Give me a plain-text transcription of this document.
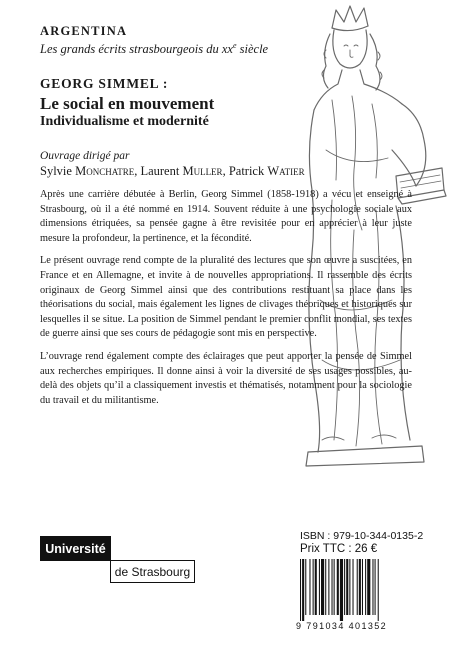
ARGENTINA
Les grands écrits strasbourgeois du $xx^e$ siècle
GEORG SIMMEL :
Le social en mouvement
Individualisme et modernité
Ouvrage dirigé par
Sylvie Monchatre, Laurent Muller, Patrick Watier

Après une carrière débutée à Berlin, Georg Simmel (1858-1918) a vécu et enseigné à Strasbourg, où il a été nommé en 1914. Souvent réduite à une psychologie sociale aux dimensions étriquées, sa pensée gagne à être revisitée pour en apprécier à leur juste mesure la profondeur, la pertinence, et la fécondité.

Le présent ouvrage rend compte de la pluralité des lectures que son œuvre a suscitées, en France et en Allemagne, et invite à de nouvelles appropriations. Il rassemble des écrits originaux de Georg Simmel ainsi que des contributions restituant sa place dans les théorisations du social, mais également les lignes de clivages théoriques et historiques sur lesquelles il se situe. La position de Simmel pendant le premier conflit mondial, ses textes de guerre ainsi que ses cours de pédagogie sont mis en perspective.

L’ouvrage rend également compte des éclairages que peut apporter la pensée de Simmel aux recherches empiriques. Il donne ainsi à voir la diversité de ses usages possibles, au-delà des objets qu’il a classiquement investis et thématisés, notamment pour la sociologie du travail et du militantisme.

Université
de Strasbourg
ISBN : 979-10-344-0135-2
Prix TTC : 26 €
9 791034 401352
